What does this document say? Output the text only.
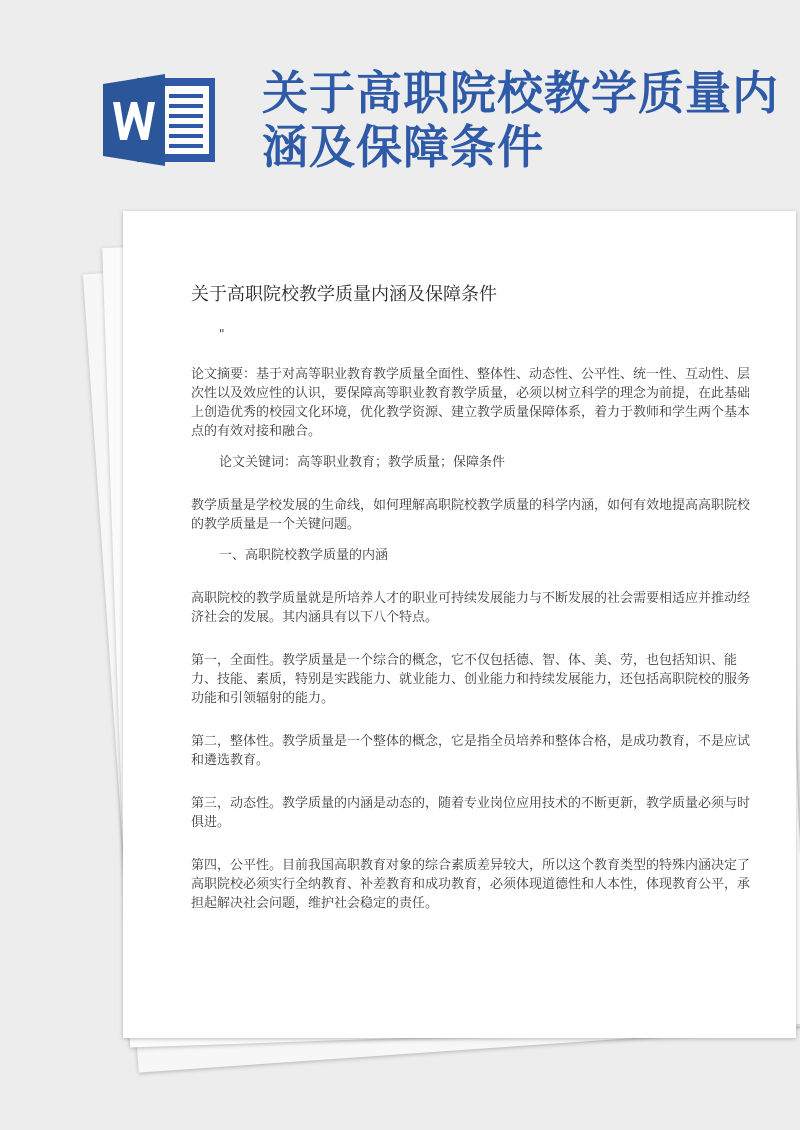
关于高职院校教学质量内涵及保障条件
关于高职院校教学质量内涵及保障条件

"

论文摘要：基于对高等职业教育教学质量全面性、整体性、动态性、公平性、统一性、互动性、层次性以及效应性的认识，要保障高等职业教育教学质量，必须以树立科学的理念为前提，在此基础上创造优秀的校园文化环境，优化教学资源、建立教学质量保障体系，着力于教师和学生两个基本点的有效对接和融合。

论文关键词：高等职业教育；教学质量；保障条件

教学质量是学校发展的生命线，如何理解高职院校教学质量的科学内涵，如何有效地提高高职院校的教学质量是一个关键问题。

一、高职院校教学质量的内涵

高职院校的教学质量就是所培养人才的职业可持续发展能力与不断发展的社会需要相适应并推动经济社会的发展。其内涵具有以下八个特点。

第一，全面性。教学质量是一个综合的概念，它不仅包括德、智、体、美、劳，也包括知识、能力、技能、素质，特别是实践能力、就业能力、创业能力和持续发展能力，还包括高职院校的服务功能和引领辐射的能力。

第二，整体性。教学质量是一个整体的概念，它是指全员培养和整体合格，是成功教育，不是应试和遴选教育。

第三，动态性。教学质量的内涵是动态的，随着专业岗位应用技术的不断更新，教学质量必须与时俱进。

第四，公平性。目前我国高职教育对象的综合素质差异较大，所以这个教育类型的特殊内涵决定了高职院校必须实行全纳教育、补差教育和成功教育，必须体现道德性和人本性，体现教育公平，承担起解决社会问题，维护社会稳定的责任。
